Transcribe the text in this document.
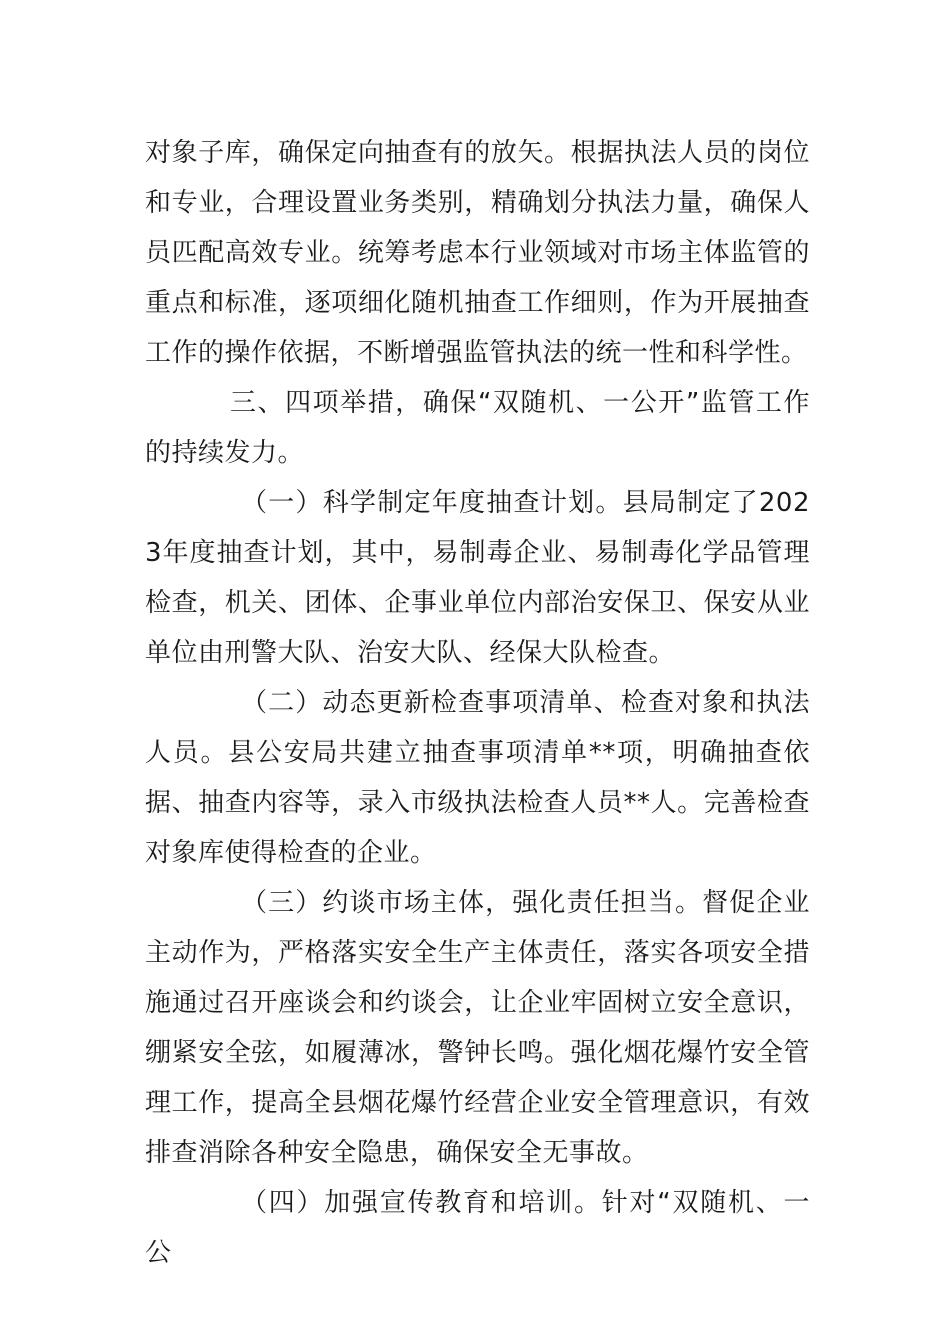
对象子库，确保定向抽查有的放矢。根据执法人员的岗位和专业，合理设置业务类别，精确划分执法力量，确保人员匹配高效专业。统筹考虑本行业领域对市场主体监管的重点和标准，逐项细化随机抽查工作细则，作为开展抽查工作的操作依据，不断增强监管执法的统一性和科学性。

三、四项举措，确保“双随机、一公开”监管工作的持续发力。

（一）科学制定年度抽查计划。县局制定了2023年度抽查计划，其中，易制毒企业、易制毒化学品管理检查，机关、团体、企事业单位内部治安保卫、保安从业单位由刑警大队、治安大队、经保大队检查。

（二）动态更新检查事项清单、检查对象和执法人员。县公安局共建立抽查事项清单**项，明确抽查依据、抽查内容等，录入市级执法检查人员**人。完善检查对象库使得检查的企业。

（三）约谈市场主体，强化责任担当。督促企业主动作为，严格落实安全生产主体责任，落实各项安全措施通过召开座谈会和约谈会，让企业牢固树立安全意识，绷紧安全弦，如履薄冰，警钟长鸣。强化烟花爆竹安全管理工作，提高全县烟花爆竹经营企业安全管理意识，有效排查消除各种安全隐患，确保安全无事故。

（四）加强宣传教育和培训。针对“双随机、一公
